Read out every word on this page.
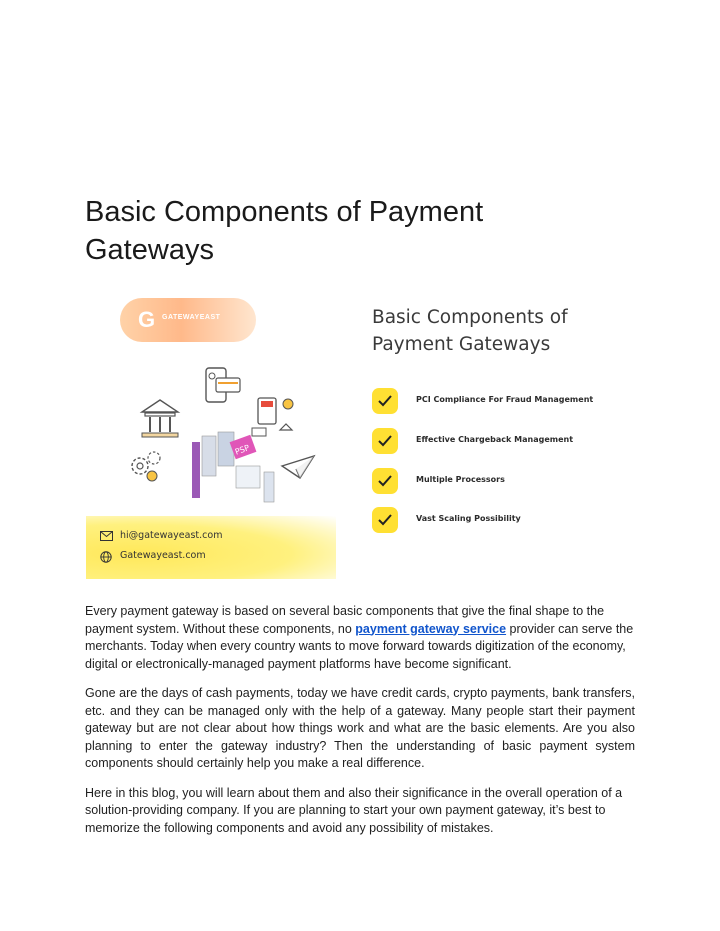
Basic Components of Payment Gateways
G GATEWAYEAST	Basic Components of Payment Gateways
PCI Compliance For Fraud Management
Effective Chargeback Management
Multiple Processors
Vast Scaling Possibility
PSP
hi@gatewayeast.com
Gatewayeast.com

Every payment gateway is based on several basic components that give the final shape to the payment system. Without these components, no payment gateway service provider can serve the merchants. Today when every country wants to move forward towards digitization of the economy, digital or electronically-managed payment platforms have become significant.

Gone are the days of cash payments, today we have credit cards, crypto payments, bank transfers, etc. and they can be managed only with the help of a gateway. Many people start their payment gateway but are not clear about how things work and what are the basic elements. Are you also planning to enter the gateway industry? Then the understanding of basic payment system components should certainly help you make a real difference.

Here in this blog, you will learn about them and also their significance in the overall operation of a solution-providing company. If you are planning to start your own payment gateway, it’s best to memorize the following components and avoid any possibility of mistakes.
